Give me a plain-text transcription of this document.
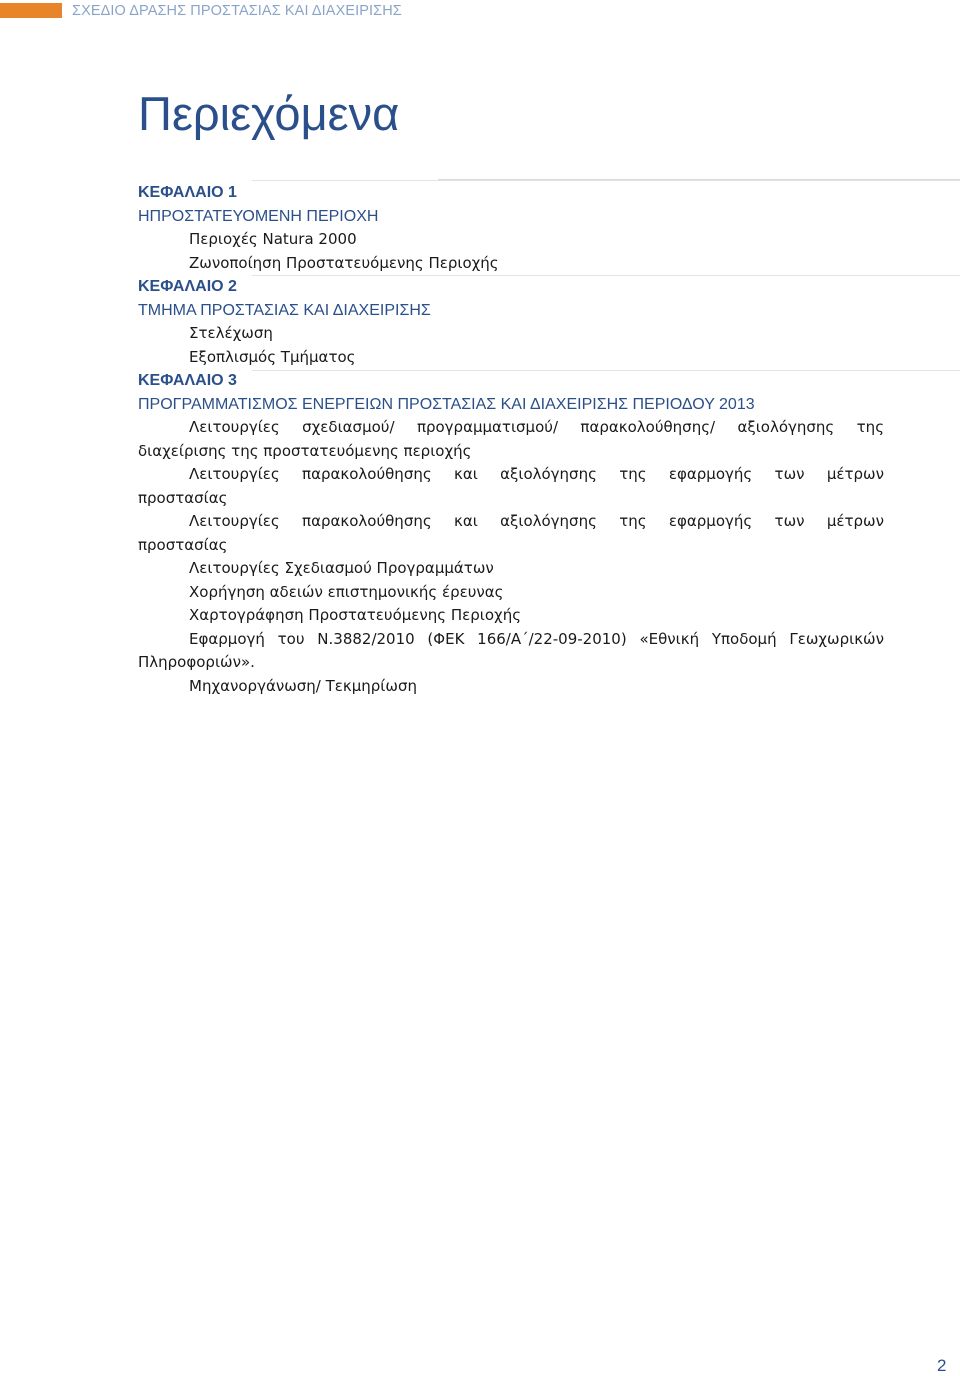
ΣΧΕΔΙΟ ΔΡΑΣΗΣ ΠΡΟΣΤΑΣΙΑΣ ΚΑΙ ΔΙΑΧΕΙΡΙΣΗΣ
Περιεχόμενα
ΚΕΦΑΛΑΙΟ 1
ΗΠΡΟΣΤΑΤΕΥΟΜΕΝΗ ΠΕΡΙΟΧΗ
Περιοχές Natura 2000
Ζωνοποίηση Προστατευόμενης Περιοχής
ΚΕΦΑΛΑΙΟ 2
ΤΜΗΜΑ ΠΡΟΣΤΑΣΙΑΣ ΚΑΙ ΔΙΑΧΕΙΡΙΣΗΣ
Στελέχωση
Εξοπλισμός Τμήματος
ΚΕΦΑΛΑΙΟ 3
ΠΡΟΓΡΑΜΜΑΤΙΣΜΟΣ ΕΝΕΡΓΕΙΩΝ ΠΡΟΣΤΑΣΙΑΣ ΚΑΙ ΔΙΑΧΕΙΡΙΣΗΣ ΠΕΡΙΟΔΟΥ 2013
Λειτουργίες σχεδιασμού/ προγραμματισμού/ παρακολούθησης/ αξιολόγησης της
διαχείρισης της προστατευόμενης περιοχής
Λειτουργίες παρακολούθησης και αξιολόγησης της εφαρμογής των μέτρων
προστασίας
Λειτουργίες παρακολούθησης και αξιολόγησης της εφαρμογής των μέτρων
προστασίας
Λειτουργίες Σχεδιασμού Προγραμμάτων
Χορήγηση αδειών επιστημονικής έρευνας
Χαρτογράφηση Προστατευόμενης Περιοχής
Εφαρμογή του Ν.3882/2010 (ΦΕΚ 166/Α΄/22-09-2010) «Εθνική Υποδομή Γεωχωρικών
Πληροφοριών».
Μηχανοργάνωση/ Τεκμηρίωση
2
